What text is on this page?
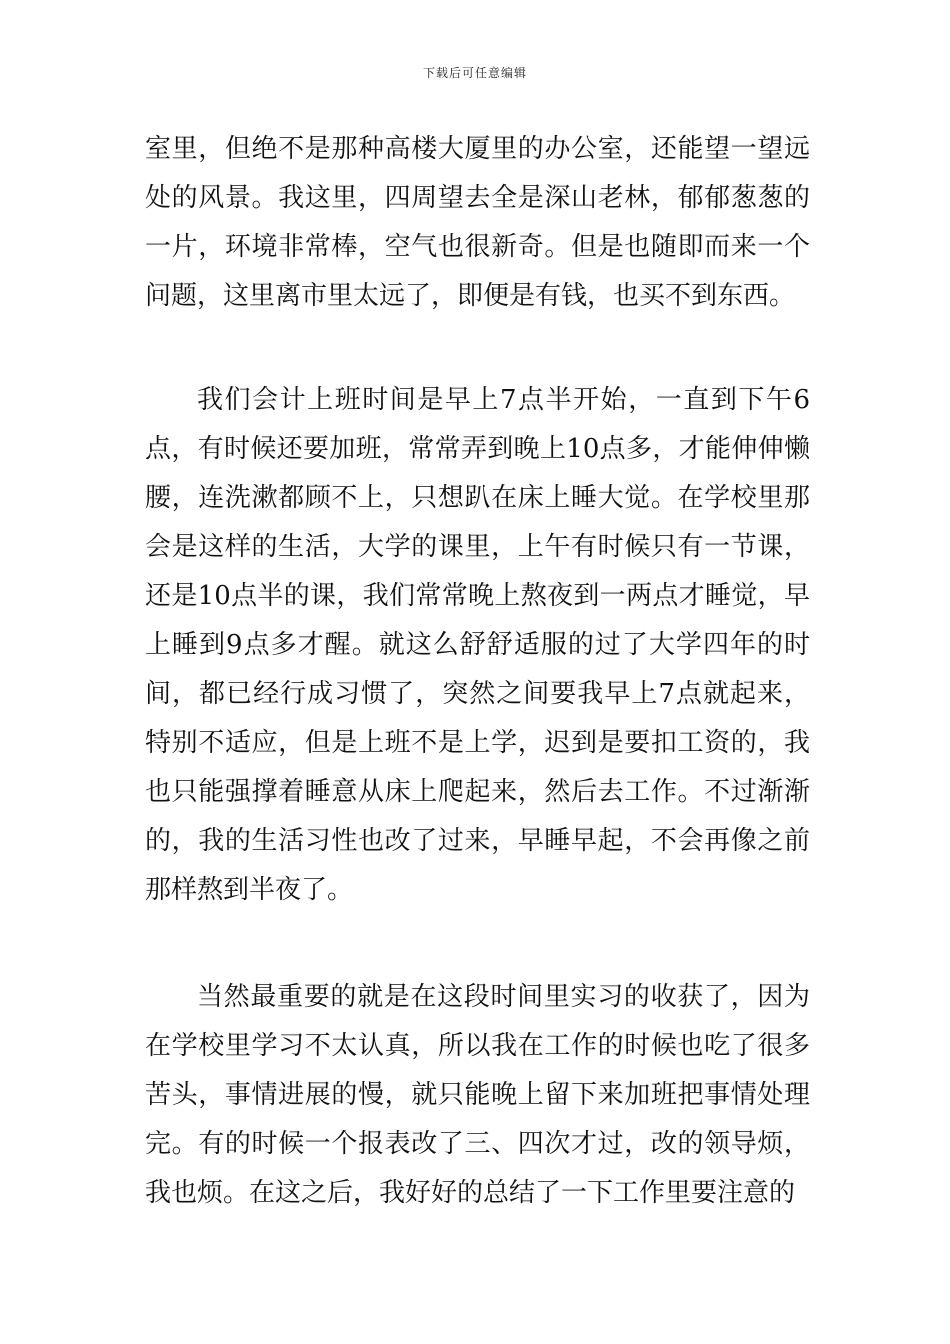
下载后可任意编辑

室里，但绝不是那种高楼大厦里的办公室，还能望一望远处的风景。我这里，四周望去全是深山老林，郁郁葱葱的一片，环境非常棒，空气也很新奇。但是也随即而来一个问题，这里离市里太远了，即便是有钱，也买不到东西。

我们会计上班时间是早上7点半开始，一直到下午6点，有时候还要加班，常常弄到晚上10点多，才能伸伸懒腰，连洗漱都顾不上，只想趴在床上睡大觉。在学校里那会是这样的生活，大学的课里，上午有时候只有一节课，还是10点半的课，我们常常晚上熬夜到一两点才睡觉，早上睡到9点多才醒。就这么舒舒适服的过了大学四年的时间，都已经行成习惯了，突然之间要我早上7点就起来，特别不适应，但是上班不是上学，迟到是要扣工资的，我也只能强撑着睡意从床上爬起来，然后去工作。不过渐渐的，我的生活习性也改了过来，早睡早起，不会再像之前那样熬到半夜了。

当然最重要的就是在这段时间里实习的收获了，因为在学校里学习不太认真，所以我在工作的时候也吃了很多苦头，事情进展的慢，就只能晚上留下来加班把事情处理完。有的时候一个报表改了三、四次才过，改的领导烦，我也烦。在这之后，我好好的总结了一下工作里要注意的
